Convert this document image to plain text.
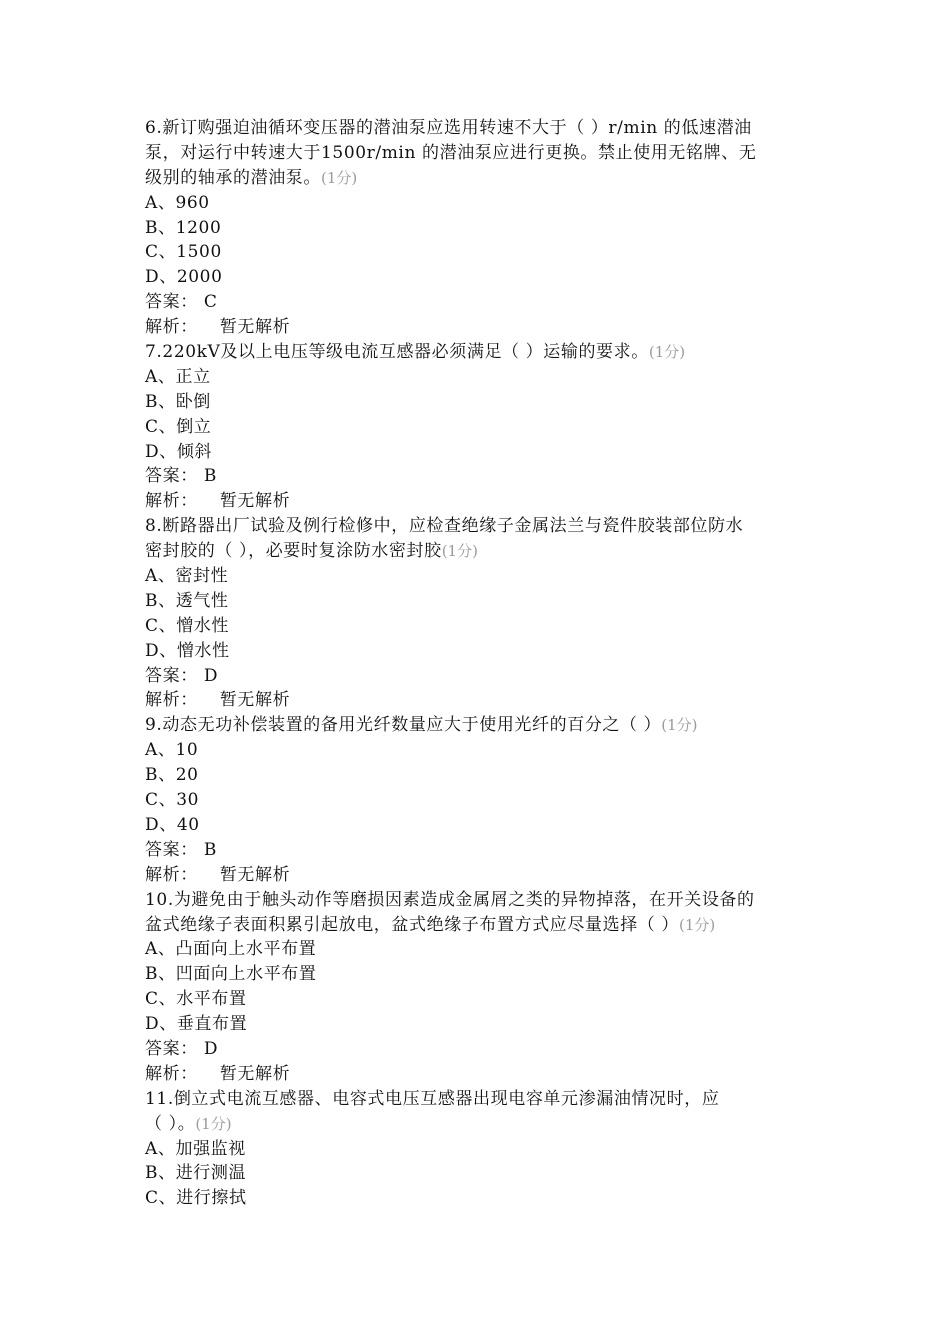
6.新订购强迫油循环变压器的潜油泵应选用转速不大于（ ）r/min 的低速潜油
泵，对运行中转速大于1500r/min 的潜油泵应进行更换。禁止使用无铭牌、无
级别的轴承的潜油泵。(1分)
A、960
B、1200
C、1500
D、2000
答案： C
解析： 暂无解析
7.220kV及以上电压等级电流互感器必须满足（ ）运输的要求。(1分)
A、正立
B、卧倒
C、倒立
D、倾斜
答案： B
解析： 暂无解析
8.断路器出厂试验及例行检修中，应检查绝缘子金属法兰与瓷件胶装部位防水
密封胶的（ ），必要时复涂防水密封胶(1分)
A、密封性
B、透气性
C、憎水性
D、憎水性
答案： D
解析： 暂无解析
9.动态无功补偿装置的备用光纤数量应大于使用光纤的百分之（ ）(1分)
A、10
B、20
C、30
D、40
答案： B
解析： 暂无解析
10.为避免由于触头动作等磨损因素造成金属屑之类的异物掉落，在开关设备的
盆式绝缘子表面积累引起放电，盆式绝缘子布置方式应尽量选择（ ）(1分)
A、凸面向上水平布置
B、凹面向上水平布置
C、水平布置
D、垂直布置
答案： D
解析： 暂无解析
11.倒立式电流互感器、电容式电压互感器出现电容单元渗漏油情况时，应
（ ）。(1分)
A、加强监视
B、进行测温
C、进行擦拭
